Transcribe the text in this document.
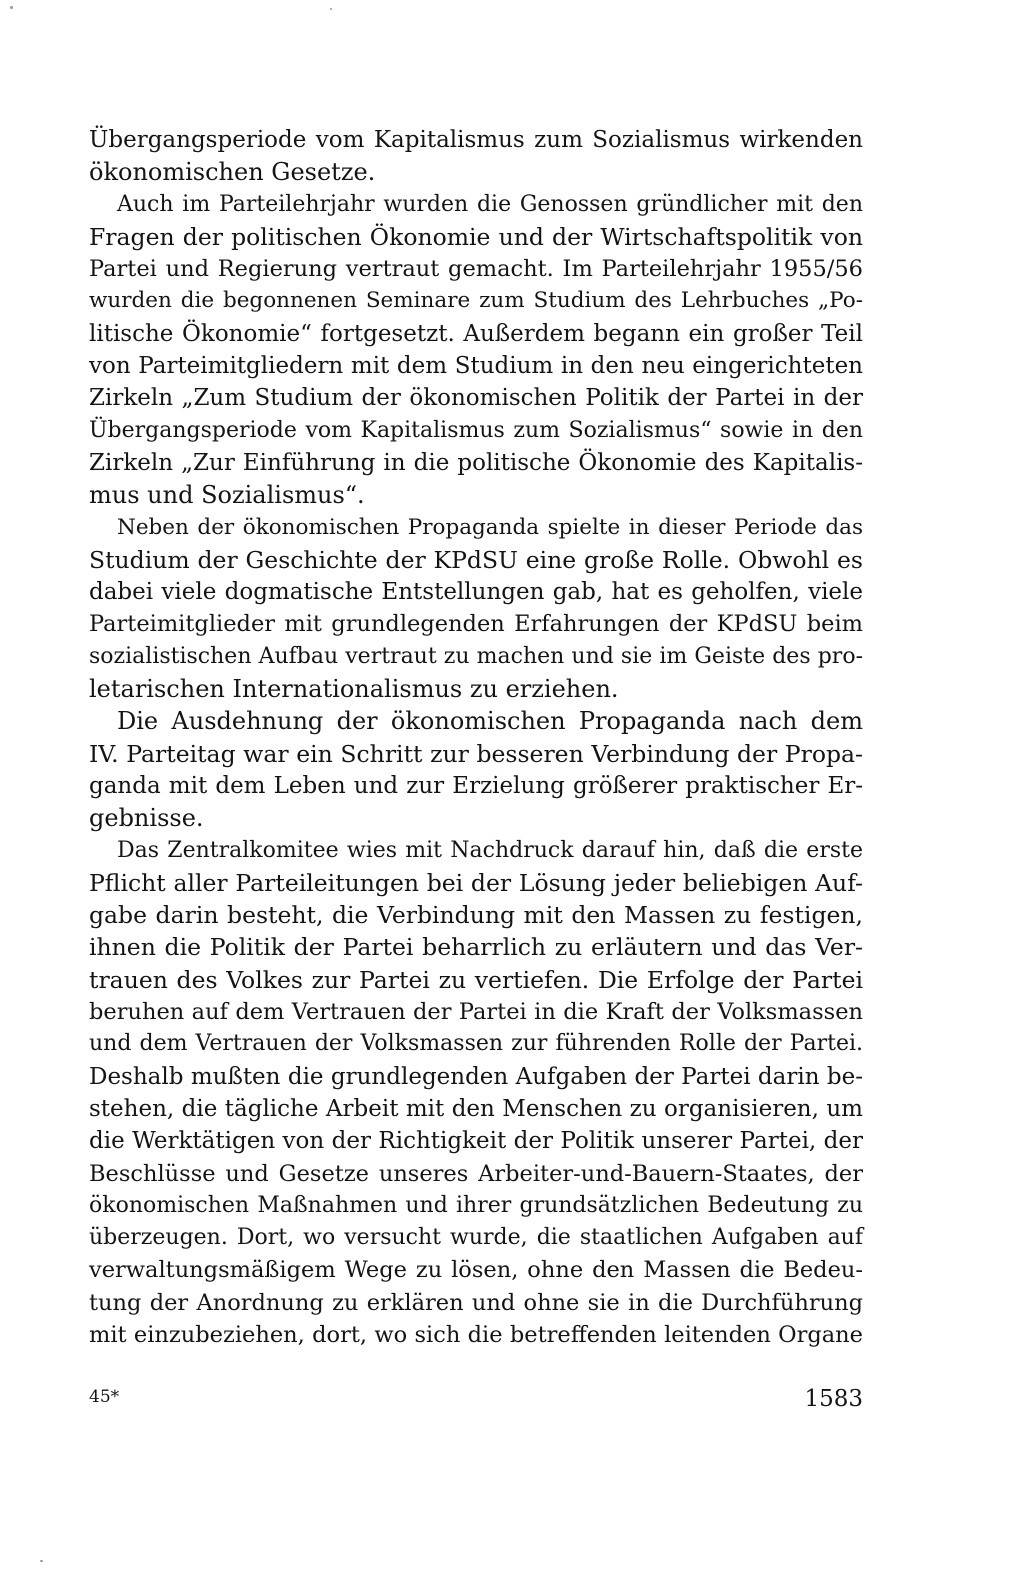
Übergangsperiode vom Kapitalismus zum Sozialismus wirkenden
ökonomischen Gesetze.
Auch im Parteilehrjahr wurden die Genossen gründlicher mit den
Fragen der politischen Ökonomie und der Wirtschaftspolitik von
Partei und Regierung vertraut gemacht. Im Parteilehrjahr 1955/56
wurden die begonnenen Seminare zum Studium des Lehrbuches „Po-
litische Ökonomie“ fortgesetzt. Außerdem begann ein großer Teil
von Parteimitgliedern mit dem Studium in den neu eingerichteten
Zirkeln „Zum Studium der ökonomischen Politik der Partei in der
Übergangsperiode vom Kapitalismus zum Sozialismus“ sowie in den
Zirkeln „Zur Einführung in die politische Ökonomie des Kapitalis-
mus und Sozialismus“.
Neben der ökonomischen Propaganda spielte in dieser Periode das
Studium der Geschichte der KPdSU eine große Rolle. Obwohl es
dabei viele dogmatische Entstellungen gab, hat es geholfen, viele
Parteimitglieder mit grundlegenden Erfahrungen der KPdSU beim
sozialistischen Aufbau vertraut zu machen und sie im Geiste des pro-
letarischen Internationalismus zu erziehen.
Die Ausdehnung der ökonomischen Propaganda nach dem
IV. Parteitag war ein Schritt zur besseren Verbindung der Propa-
ganda mit dem Leben und zur Erzielung größerer praktischer Er-
gebnisse.
Das Zentralkomitee wies mit Nachdruck darauf hin, daß die erste
Pflicht aller Parteileitungen bei der Lösung jeder beliebigen Auf-
gabe darin besteht, die Verbindung mit den Massen zu festigen,
ihnen die Politik der Partei beharrlich zu erläutern und das Ver-
trauen des Volkes zur Partei zu vertiefen. Die Erfolge der Partei
beruhen auf dem Vertrauen der Partei in die Kraft der Volksmassen
und dem Vertrauen der Volksmassen zur führenden Rolle der Partei.
Deshalb mußten die grundlegenden Aufgaben der Partei darin be-
stehen, die tägliche Arbeit mit den Menschen zu organisieren, um
die Werktätigen von der Richtigkeit der Politik unserer Partei, der
Beschlüsse und Gesetze unseres Arbeiter-und-Bauern-Staates, der
ökonomischen Maßnahmen und ihrer grundsätzlichen Bedeutung zu
überzeugen. Dort, wo versucht wurde, die staatlichen Aufgaben auf
verwaltungsmäßigem Wege zu lösen, ohne den Massen die Bedeu-
tung der Anordnung zu erklären und ohne sie in die Durchführung
mit einzubeziehen, dort, wo sich die betreffenden leitenden Organe
45*	1583
